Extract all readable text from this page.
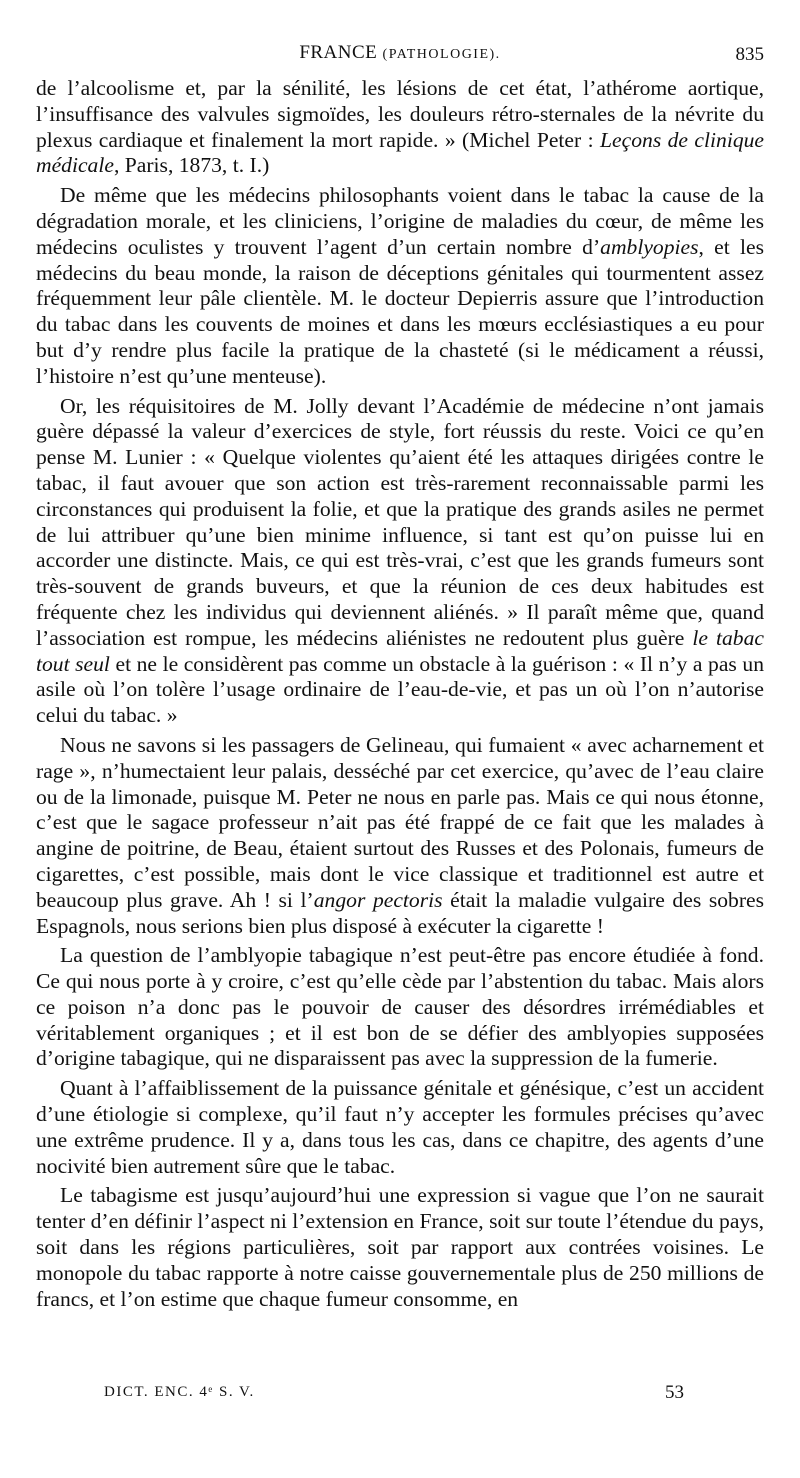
FRANCE (PATHOLOGIE).	835

de l’alcoolisme et, par la sénilité, les lésions de cet état, l’athérome aortique, l’insuffisance des valvules sigmoïdes, les douleurs rétro-sternales de la névrite du plexus cardiaque et finalement la mort rapide. » (Michel Peter : Leçons de clinique médicale, Paris, 1873, t. I.)

De même que les médecins philosophants voient dans le tabac la cause de la dégradation morale, et les cliniciens, l’origine de maladies du cœur, de même les médecins oculistes y trouvent l’agent d’un certain nombre d’amblyopies, et les médecins du beau monde, la raison de déceptions génitales qui tourmentent assez fréquemment leur pâle clientèle. M. le docteur Depierris assure que l’introduction du tabac dans les couvents de moines et dans les mœurs ecclésiastiques a eu pour but d’y rendre plus facile la pratique de la chasteté (si le médicament a réussi, l’histoire n’est qu’une menteuse).

Or, les réquisitoires de M. Jolly devant l’Académie de médecine n’ont jamais guère dépassé la valeur d’exercices de style, fort réussis du reste. Voici ce qu’en pense M. Lunier : « Quelque violentes qu’aient été les attaques dirigées contre le tabac, il faut avouer que son action est très-rarement reconnaissable parmi les circonstances qui produisent la folie, et que la pratique des grands asiles ne permet de lui attribuer qu’une bien minime influence, si tant est qu’on puisse lui en accorder une distincte. Mais, ce qui est très-vrai, c’est que les grands fumeurs sont très-souvent de grands buveurs, et que la réunion de ces deux habitudes est fréquente chez les individus qui deviennent aliénés. » Il paraît même que, quand l’association est rompue, les médecins aliénistes ne redoutent plus guère le tabac tout seul et ne le considèrent pas comme un obstacle à la guérison : « Il n’y a pas un asile où l’on tolère l’usage ordinaire de l’eau-de-vie, et pas un où l’on n’autorise celui du tabac. »

Nous ne savons si les passagers de Gelineau, qui fumaient « avec acharnement et rage », n’humectaient leur palais, desséché par cet exercice, qu’avec de l’eau claire ou de la limonade, puisque M. Peter ne nous en parle pas. Mais ce qui nous étonne, c’est que le sagace professeur n’ait pas été frappé de ce fait que les malades à angine de poitrine, de Beau, étaient surtout des Russes et des Polonais, fumeurs de cigarettes, c’est possible, mais dont le vice classique et traditionnel est autre et beaucoup plus grave. Ah ! si l’angor pectoris était la maladie vulgaire des sobres Espagnols, nous serions bien plus disposé à exécuter la cigarette !

La question de l’amblyopie tabagique n’est peut-être pas encore étudiée à fond. Ce qui nous porte à y croire, c’est qu’elle cède par l’abstention du tabac. Mais alors ce poison n’a donc pas le pouvoir de causer des désordres irrémédiables et véritablement organiques ; et il est bon de se défier des amblyopies supposées d’origine tabagique, qui ne disparaissent pas avec la suppression de la fumerie.

Quant à l’affaiblissement de la puissance génitale et génésique, c’est un accident d’une étiologie si complexe, qu’il faut n’y accepter les formules précises qu’avec une extrême prudence. Il y a, dans tous les cas, dans ce chapitre, des agents d’une nocivité bien autrement sûre que le tabac.

Le tabagisme est jusqu’aujourd’hui une expression si vague que l’on ne saurait tenter d’en définir l’aspect ni l’extension en France, soit sur toute l’étendue du pays, soit dans les régions particulières, soit par rapport aux contrées voisines. Le monopole du tabac rapporte à notre caisse gouvernementale plus de 250 millions de francs, et l’on estime que chaque fumeur consomme, en

DICT. ENC. 4ᵉ S. V.	53
